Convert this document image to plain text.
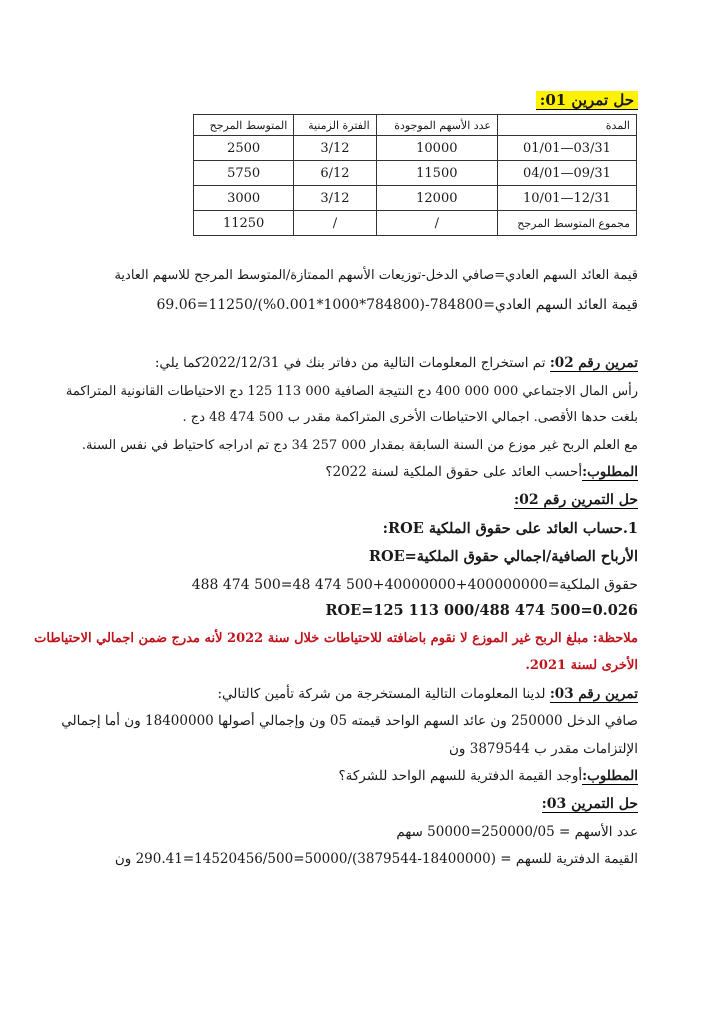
حل تمرين 01:
المدة	عدد الأسهم الموجودة	الفترة الزمنية	المتوسط المرجح
01/01—03/31	10000	3/12	2500
04/01—09/31	11500	6/12	5750
10/01—12/31	12000	3/12	3000
مجموع المتوسط المرجح	/	/	11250
قيمة العائد السهم العادي=صافي الدخل-توزيعات الأسهم الممتازة/المتوسط المرجح للاسهم العادية
قيمة العائد السهم العادي=784800-(784800*1000*0.001%)/11250=69.06
تمرين رقم 02: تم استخراج المعلومات التالية من دفاتر بنك في 2022/12/31كما يلي:
رأس المال الاجتماعي 000 000 400 دج النتيجة الصافية 000 113 125 دج الاحتياطات القانونية المتراكمة
بلغت حدها الأقصى. اجمالي الاحتياطات الأخرى المتراكمة مقدر ب 500 474 48 دج .
مع العلم الربح غير موزع من السنة السابقة بمقدار 000 257 34 دج تم ادراجه كاحتياط في نفس السنة.
المطلوب:أحسب العائد على حقوق الملكية لسنة 2022؟
حل التمرين رقم 02:
1.حساب العائد على حقوق الملكية ROE:
ROE=الأرباح الصافية/اجمالي حقوق الملكية
حقوق الملكية=400000000+40000000+500 474 48=500 474 488
ROE=125 113 000/488 474 500=0.026
ملاحظة: مبلغ الربح غير الموزع لا نقوم باضافته للاحتياطات خلال سنة 2022 لأنه مدرج ضمن اجمالي الاحتياطات
الأخرى لسنة 2021.
تمرين رقم 03: لدينا المعلومات التالية المستخرجة من شركة تأمين كالتالي:
صافي الدخل 250000 ون عائد السهم الواحد قيمته 05 ون وإجمالي أصولها 18400000 ون أما إجمالي
الإلتزامات مقدر ب 3879544 ون
المطلوب:أوجد القيمة الدفترية للسهم الواحد للشركة؟
حل التمرين 03:
عدد الأسهم = 250000/05=50000 سهم
القيمة الدفترية للسهم = (18400000-3879544)/50000=14520456/500=290.41 ون
